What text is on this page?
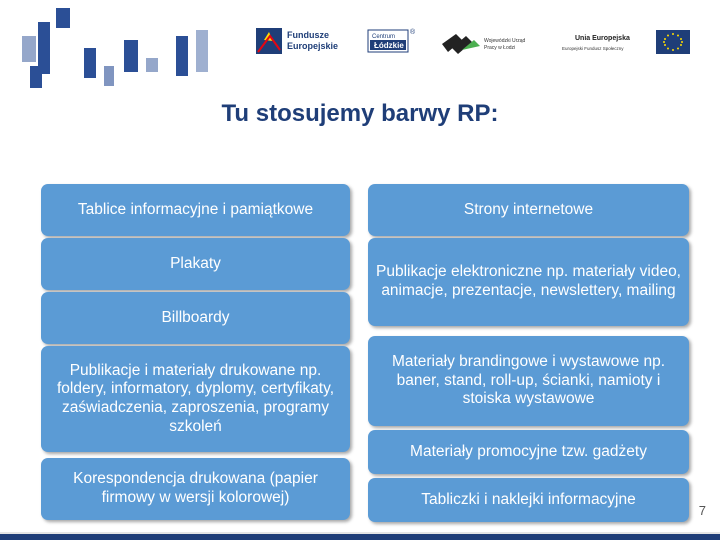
Fundusze
Europejskie
Centrum
Łódzkie
®
Wojewódzki Urząd
Pracy w Łodzi
Unia Europejska
Europejski Fundusz Społeczny
Tu stosujemy barwy RP:
Tablice informacyjne i pamiątkowe
Plakaty
Billboardy
Publikacje i materiały drukowane np. foldery, informatory, dyplomy, certyfikaty, zaświadczenia, zaproszenia, programy szkoleń
Korespondencja drukowana (papier firmowy w wersji kolorowej)
Strony internetowe
Publikacje elektroniczne np. materiały video, animacje, prezentacje, newslettery, mailing
Materiały brandingowe i wystawowe np. baner, stand, roll-up, ścianki, namioty i stoiska wystawowe
Materiały promocyjne tzw. gadżety
Tabliczki i naklejki informacyjne
7
